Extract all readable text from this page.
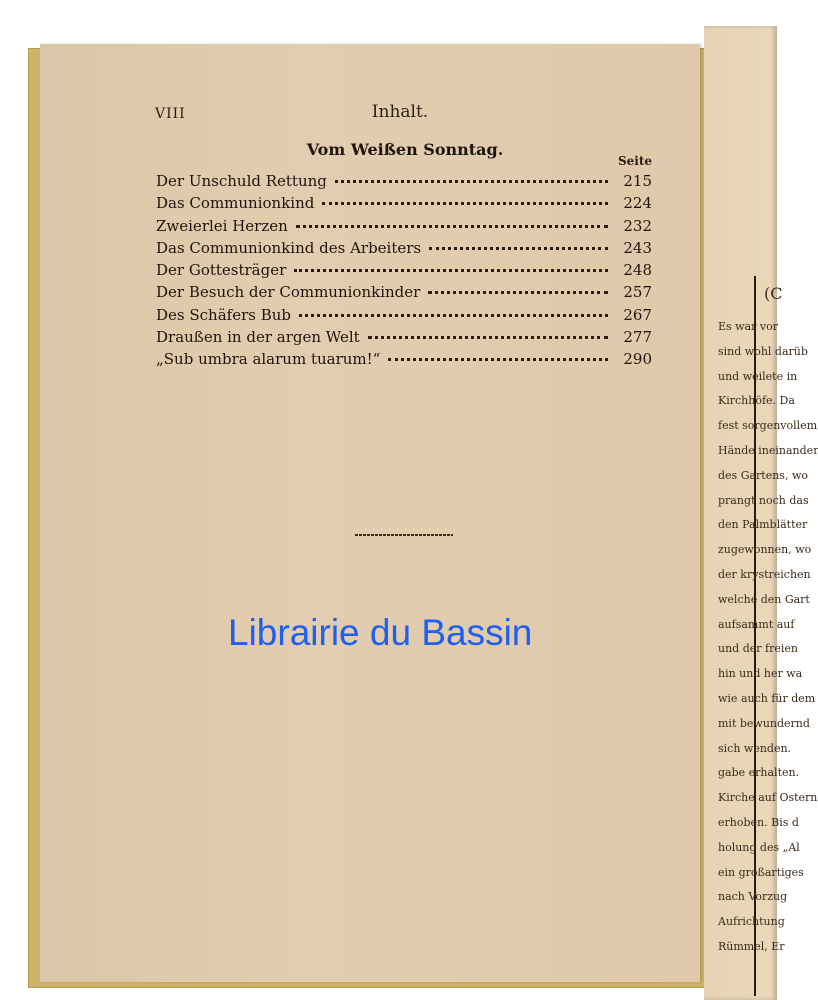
(C
Es war vor
sind wohl darüb
und weilete in
Kirchhöfe. Da
fest sorgenvollem
Hände ineinander
des Gartens, wo
prangt noch das
den Palmblätter
zugewonnen, wo
der krystreichen
welche den Gart
aufsammt auf
und der freien
hin und her wa
wie auch für dem
mit bewundernd
sich wenden.
gabe erhalten.
Kirche auf Ostern
erhoben. Bis d
holung des „Al
ein großartiges
nach Vorzug
Aufrichtung
Rümmel, Er
VIII	Inhalt.
Vom Weißen Sonntag.
Seite
Der Unschuld Rettung	215
Das Communionkind	224
Zweierlei Herzen	232
Das Communionkind des Arbeiters	243
Der Gottesträger	248
Der Besuch der Communionkinder	257
Des Schäfers Bub	267
Draußen in der argen Welt	277
„Sub umbra alarum tuarum!“	290
Librairie du Bassin
